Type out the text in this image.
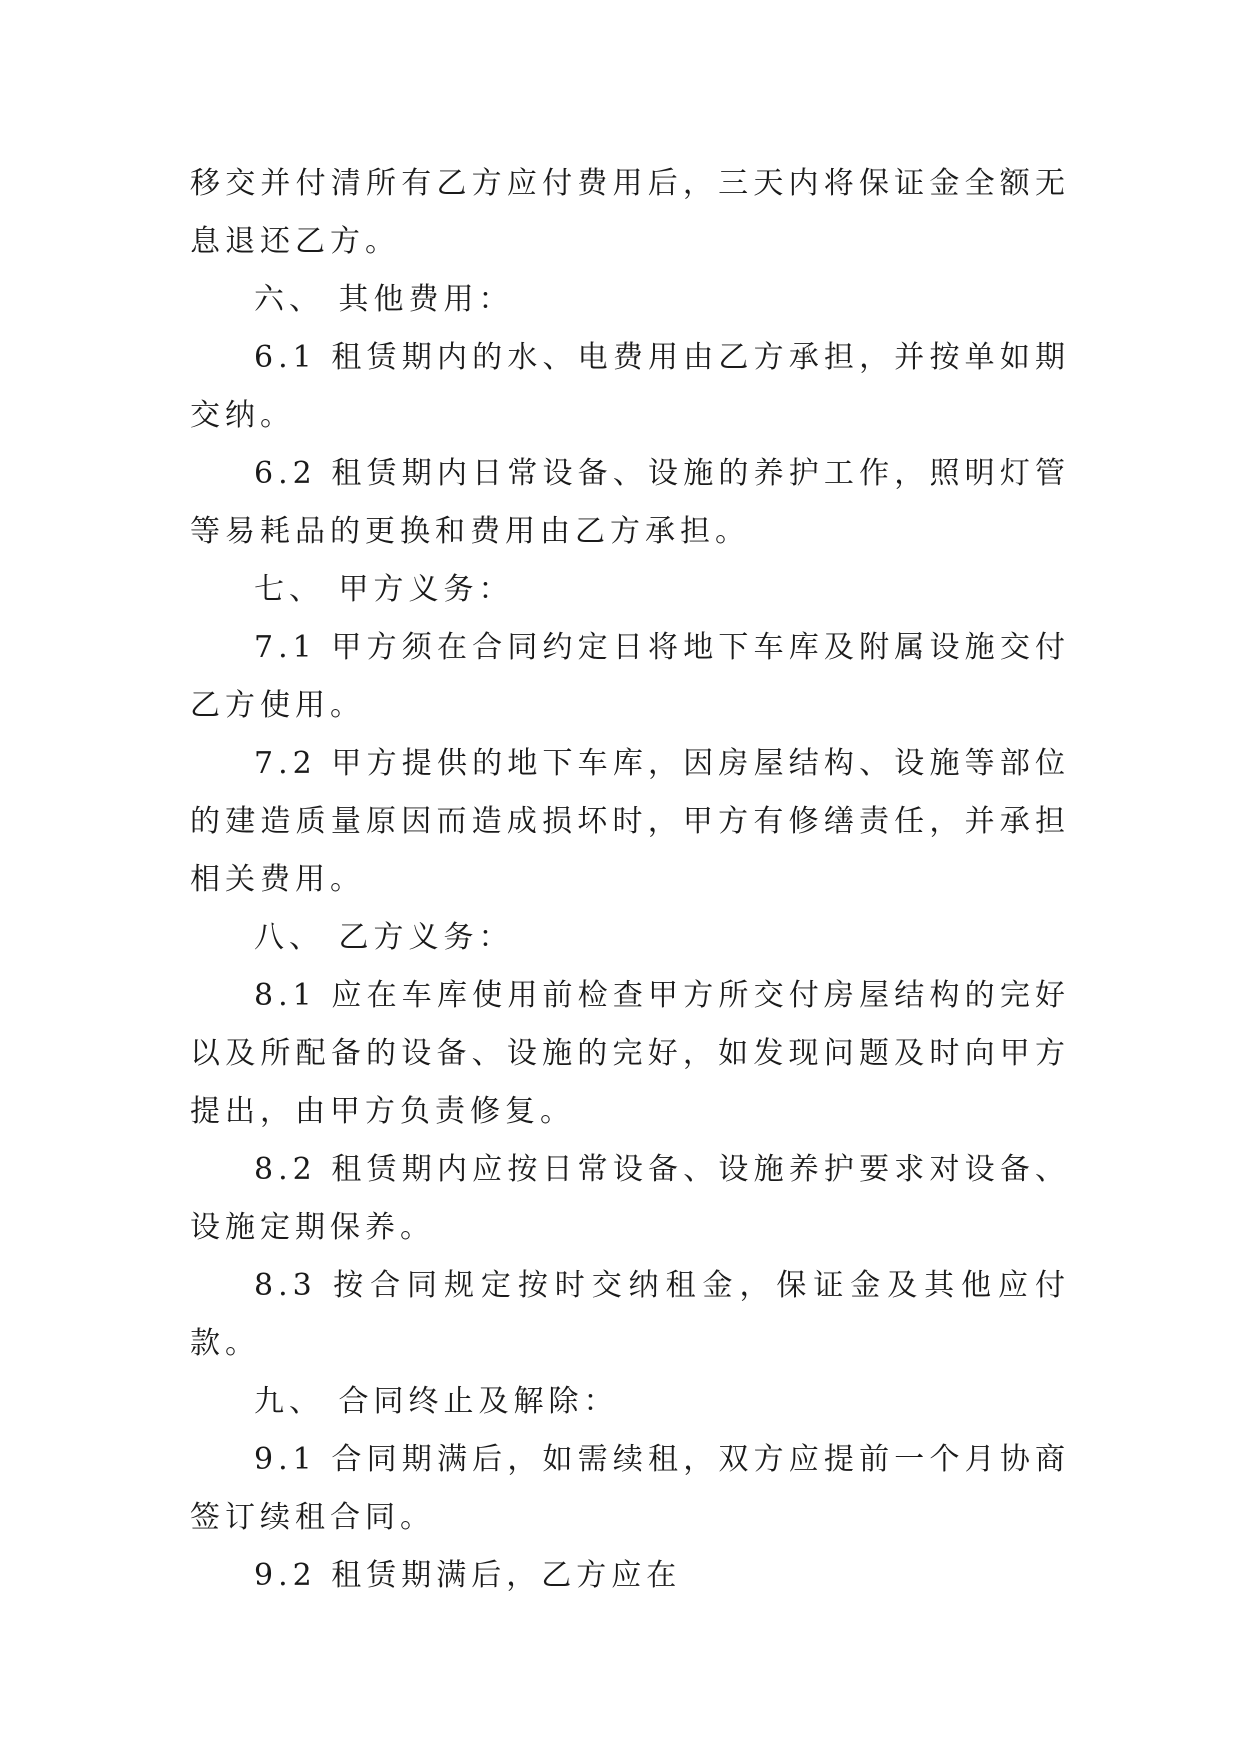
移交并付清所有乙方应付费用后，三天内将保证金全额无息退还乙方。

六、 其他费用：

6.1 租赁期内的水、电费用由乙方承担，并按单如期交纳。

6.2 租赁期内日常设备、设施的养护工作，照明灯管等易耗品的更换和费用由乙方承担。

七、 甲方义务：

7.1 甲方须在合同约定日将地下车库及附属设施交付乙方使用。

7.2 甲方提供的地下车库，因房屋结构、设施等部位的建造质量原因而造成损坏时，甲方有修缮责任，并承担相关费用。

八、 乙方义务：

8.1 应在车库使用前检查甲方所交付房屋结构的完好以及所配备的设备、设施的完好，如发现问题及时向甲方提出，由甲方负责修复。

8.2 租赁期内应按日常设备、设施养护要求对设备、设施定期保养。

8.3 按合同规定按时交纳租金，保证金及其他应付款。

九、 合同终止及解除：

9.1 合同期满后，如需续租，双方应提前一个月协商签订续租合同。

9.2 租赁期满后，乙方应在
